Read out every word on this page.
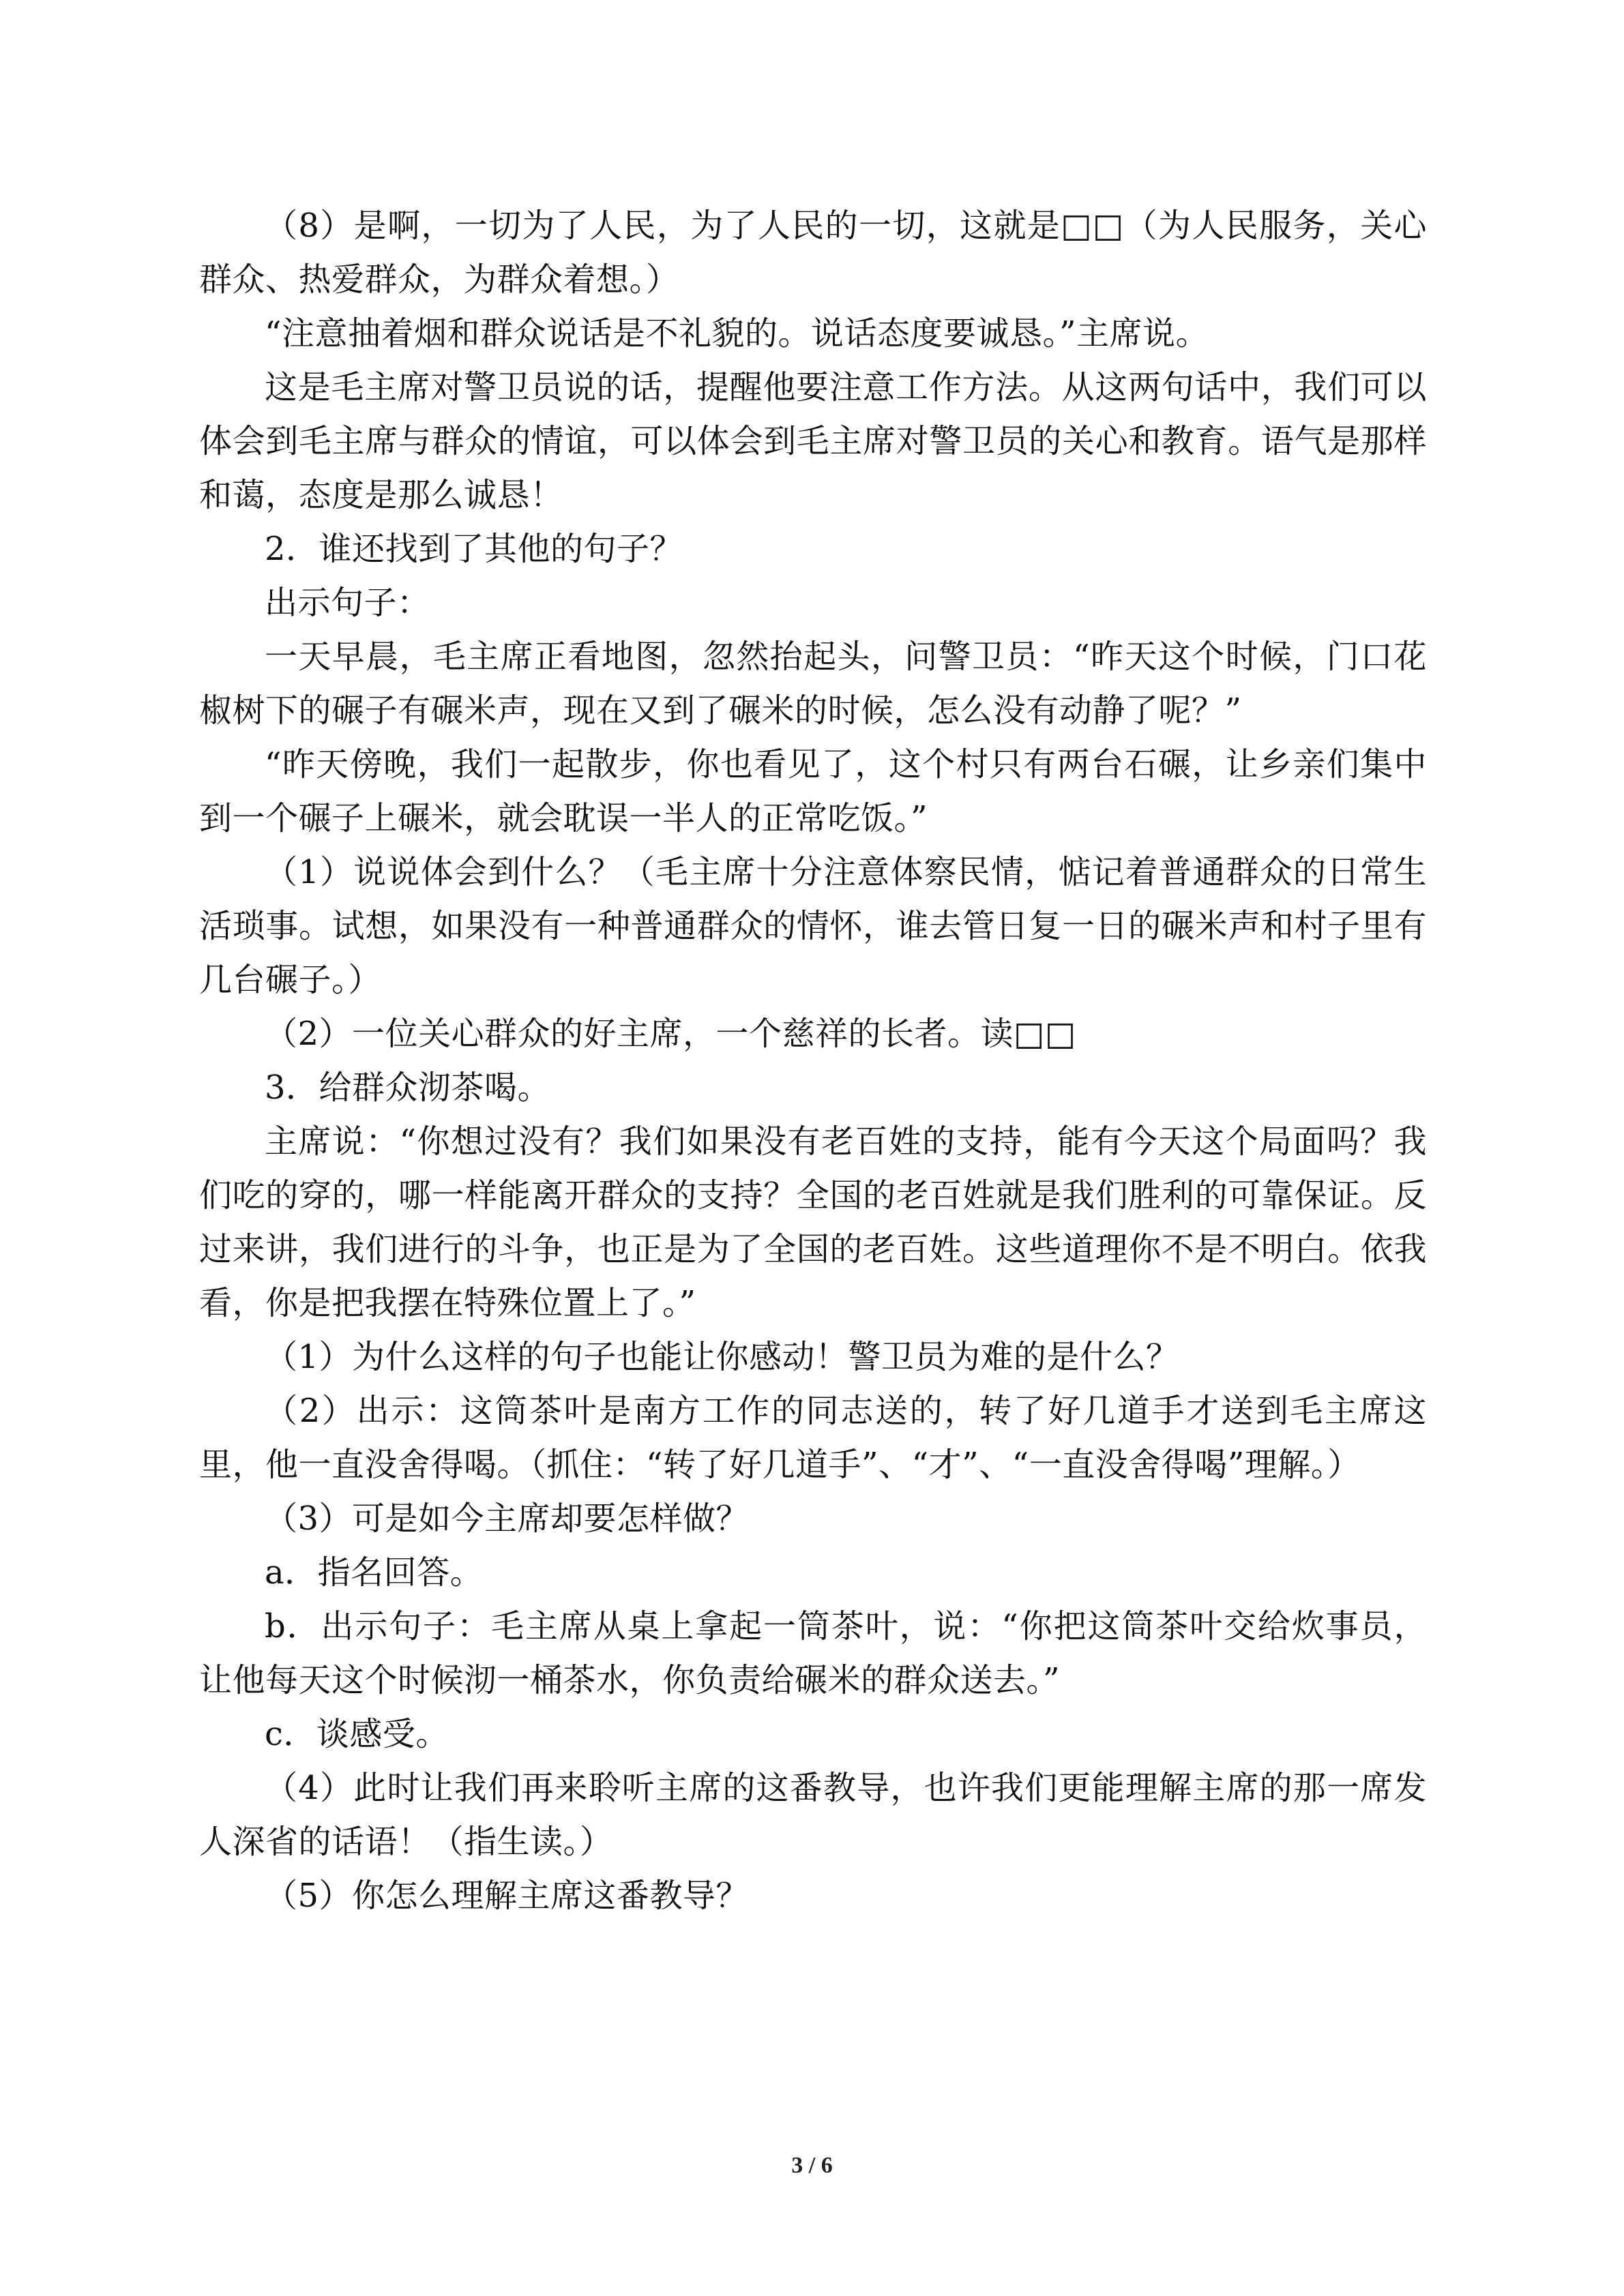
（8）是啊，一切为了人民，为了人民的一切，这就是□□（为人民服务，关心群众、热爱群众，为群众着想。）

“注意抽着烟和群众说话是不礼貌的。说话态度要诚恳。”主席说。

这是毛主席对警卫员说的话，提醒他要注意工作方法。从这两句话中，我们可以体会到毛主席与群众的情谊，可以体会到毛主席对警卫员的关心和教育。语气是那样和蔼，态度是那么诚恳！

2．谁还找到了其他的句子？

出示句子：

一天早晨，毛主席正看地图，忽然抬起头，问警卫员：“昨天这个时候，门口花椒树下的碾子有碾米声，现在又到了碾米的时候，怎么没有动静了呢？”

“昨天傍晚，我们一起散步，你也看见了，这个村只有两台石碾，让乡亲们集中到一个碾子上碾米，就会耽误一半人的正常吃饭。”

（1）说说体会到什么？（毛主席十分注意体察民情，惦记着普通群众的日常生活琐事。试想，如果没有一种普通群众的情怀，谁去管日复一日的碾米声和村子里有几台碾子。）

（2）一位关心群众的好主席，一个慈祥的长者。读□□

3．给群众沏茶喝。

主席说：“你想过没有？我们如果没有老百姓的支持，能有今天这个局面吗？我们吃的穿的，哪一样能离开群众的支持？全国的老百姓就是我们胜利的可靠保证。反过来讲，我们进行的斗争，也正是为了全国的老百姓。这些道理你不是不明白。依我看，你是把我摆在特殊位置上了。”

（1）为什么这样的句子也能让你感动！警卫员为难的是什么？

（2）出示：这筒茶叶是南方工作的同志送的，转了好几道手才送到毛主席这里，他一直没舍得喝。（抓住：“转了好几道手”、“才”、“一直没舍得喝”理解。）

（3）可是如今主席却要怎样做？

a．指名回答。

b．出示句子：毛主席从桌上拿起一筒茶叶，说：“你把这筒茶叶交给炊事员，让他每天这个时候沏一桶茶水，你负责给碾米的群众送去。”

c．谈感受。

（4）此时让我们再来聆听主席的这番教导，也许我们更能理解主席的那一席发人深省的话语！（指生读。）

（5）你怎么理解主席这番教导？

3 / 6
